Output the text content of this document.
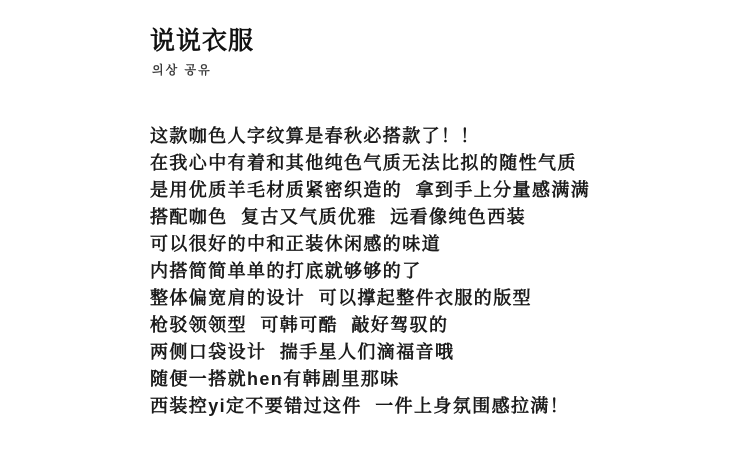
说说衣服

의상 공유

这款咖色人字纹算是春秋必搭款了！！

在我心中有着和其他纯色气质无法比拟的随性气质

是用优质羊毛材质紧密织造的 拿到手上分量感满满

搭配咖色 复古又气质优雅 远看像纯色西装

可以很好的中和正装休闲感的味道

内搭简简单单的打底就够够的了

整体偏宽肩的设计 可以撑起整件衣服的版型

枪驳领领型 可韩可酷 敲好驾驭的

两侧口袋设计 揣手星人们滴福音哦

随便一搭就hen有韩剧里那味

西装控yi定不要错过这件 一件上身氛围感拉满！
